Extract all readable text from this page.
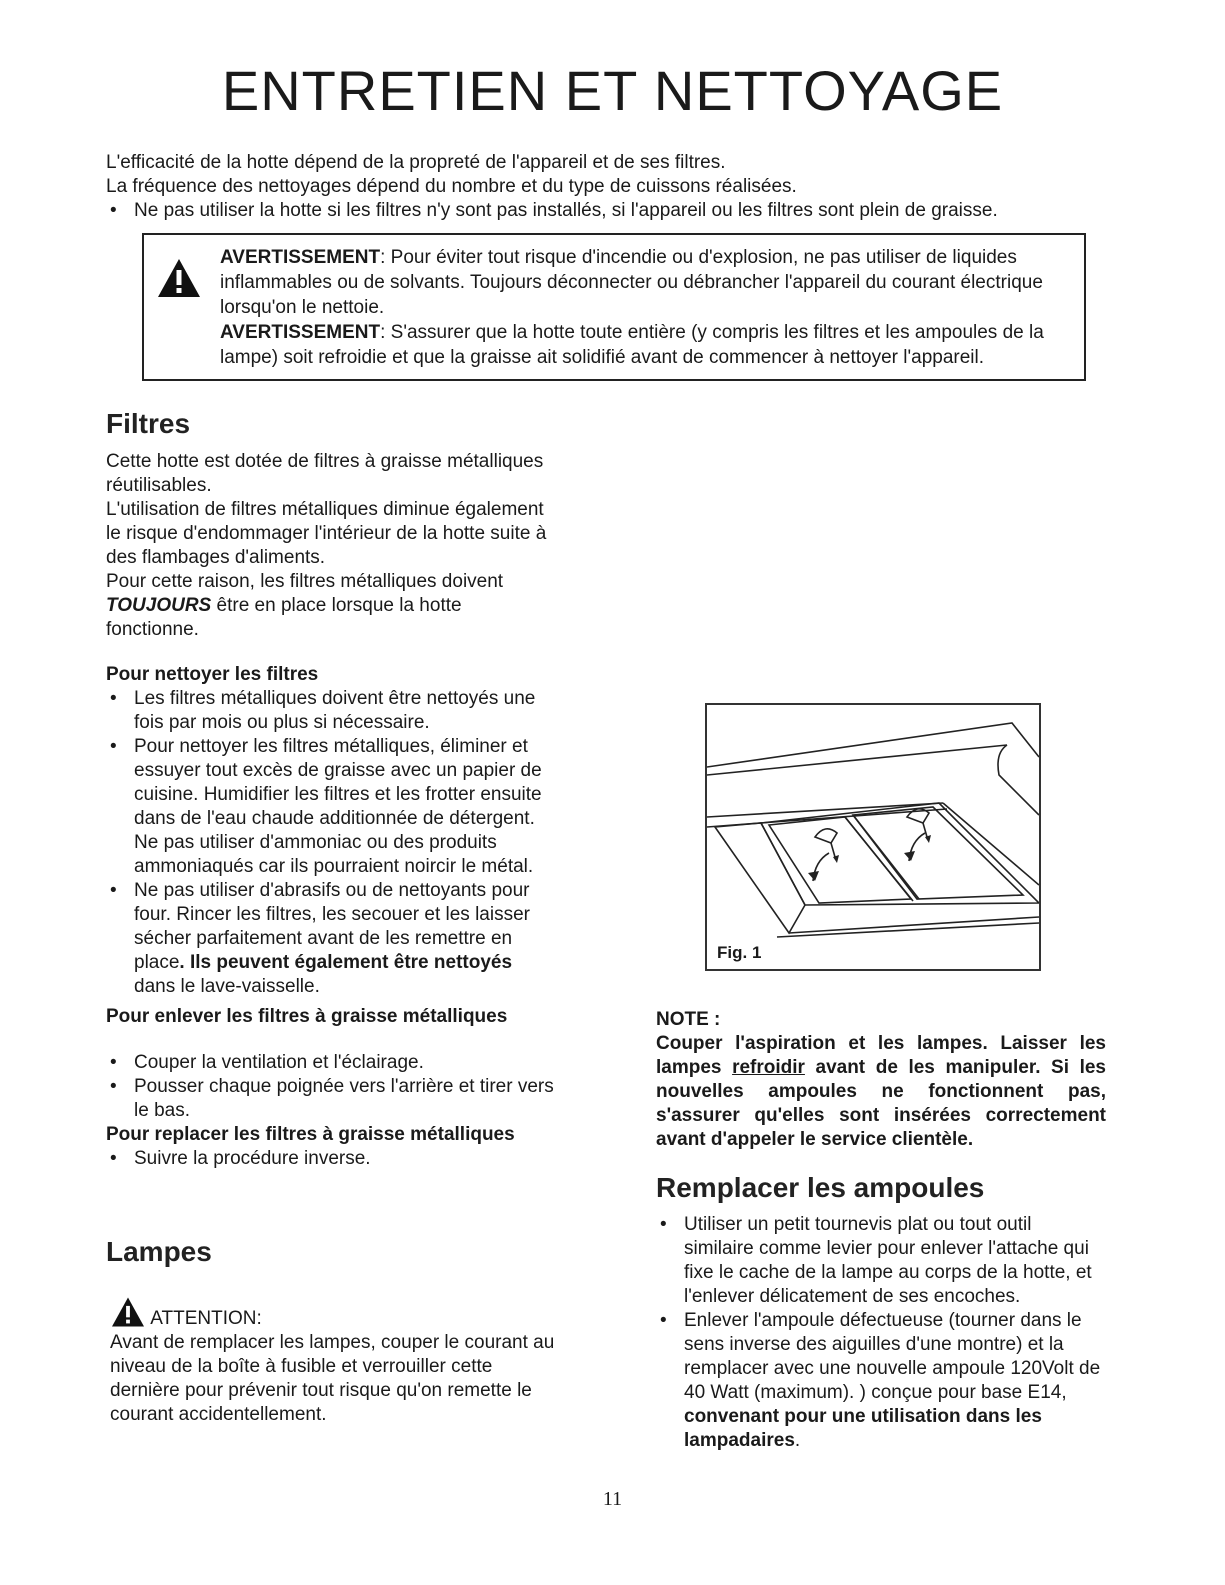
ENTRETIEN ET NETTOYAGE

L'efficacité de la hotte dépend de la propreté de l'appareil et de ses filtres.

La fréquence des nettoyages dépend du nombre et du type de cuissons réalisées.

• Ne pas utiliser la hotte si les filtres n'y sont pas installés, si l'appareil ou les filtres sont plein de graisse.

AVERTISSEMENT: Pour éviter tout risque d'incendie ou d'explosion, ne pas utiliser de liquides inflammables ou de solvants. Toujours déconnecter ou débrancher l'appareil du courant électrique lorsqu'on le nettoie.

AVERTISSEMENT: S'assurer que la hotte toute entière (y compris les filtres et les ampoules de la lampe) soit refroidie et que la graisse ait solidifié avant de commencer à nettoyer l'appareil.

Filtres

Cette hotte est dotée de filtres à graisse métalliques réutilisables.

L'utilisation de filtres métalliques diminue également le risque d'endommager l'intérieur de la hotte suite à des flambages d'aliments.

Pour cette raison, les filtres métalliques doivent TOUJOURS être en place lorsque la hotte fonctionne.

Pour nettoyer les filtres

• Les filtres métalliques doivent être nettoyés une fois par mois ou plus si nécessaire.

• Pour nettoyer les filtres métalliques, éliminer et essuyer tout excès de graisse avec un papier de cuisine. Humidifier les filtres et les frotter ensuite dans de l'eau chaude additionnée de détergent. Ne pas utiliser d'ammoniac ou des produits ammoniaqués car ils pourraient noircir le métal.

• Ne pas utiliser d'abrasifs ou de nettoyants pour four. Rincer les filtres, les secouer et les laisser sécher parfaitement avant de les remettre en place. Ils peuvent également être nettoyés dans le lave-vaisselle.

Pour enlever les filtres à graisse métalliques

• Couper la ventilation et l'éclairage.

• Pousser chaque poignée vers l'arrière et tirer vers le bas.

Pour replacer les filtres à graisse métalliques

• Suivre la procédure inverse.

Lampes

ATTENTION:

Avant de remplacer les lampes, couper le courant au niveau de la boîte à fusible et verrouiller cette dernière pour prévenir tout risque qu'on remette le courant accidentellement.

Fig. 1

NOTE :

Couper l'aspiration et les lampes. Laisser les lampes refroidir avant de les manipuler. Si les nouvelles ampoules ne fonctionnent pas, s'assurer qu'elles sont insérées correctement avant d'appeler le service clientèle.

Remplacer les ampoules

• Utiliser un petit tournevis plat ou tout outil similaire comme levier pour enlever l'attache qui fixe le cache de la lampe au corps de la hotte, et l'enlever délicatement de ses encoches.

• Enlever l'ampoule défectueuse (tourner dans le sens inverse des aiguilles d'une montre) et la remplacer avec une nouvelle ampoule 120Volt de 40 Watt (maximum). ) conçue pour base E14, convenant pour une utilisation dans les lampadaires.

11
